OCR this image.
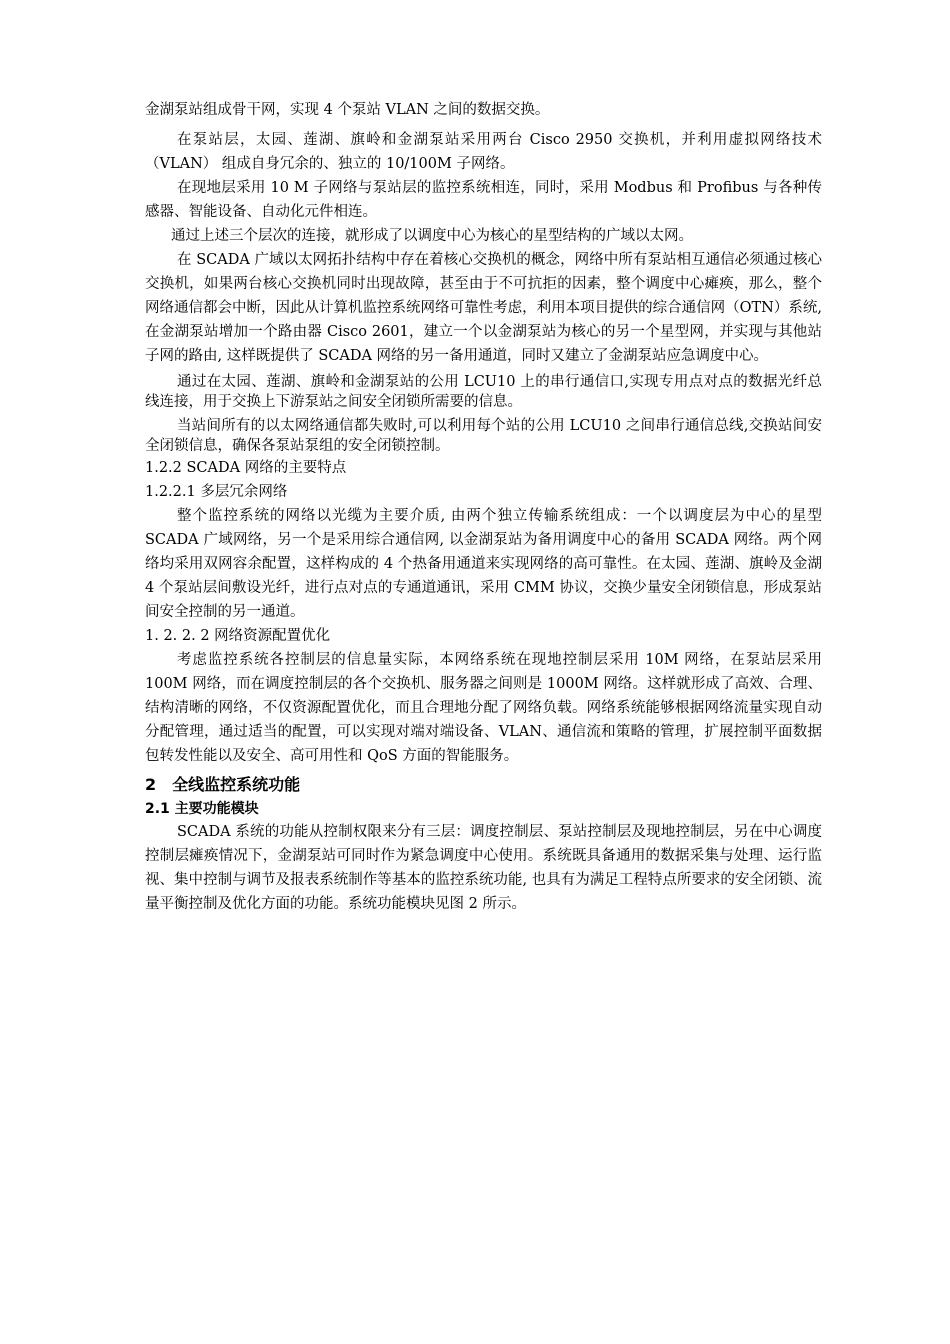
金湖泵站组成骨干网，实现 4 个泵站 VLAN 之间的数据交换。

在泵站层，太园、莲湖、旗岭和金湖泵站采用两台 Cisco 2950 交换机，并利用虚拟网络技术（VLAN） 组成自身冗余的、独立的 10/100M 子网络。

在现地层采用 10 M 子网络与泵站层的监控系统相连，同时，采用 Modbus 和 Profibus 与各种传感器、智能设备、自动化元件相连。

通过上述三个层次的连接，就形成了以调度中心为核心的星型结构的广域以太网。

在 SCADA 广域以太网拓扑结构中存在着核心交换机的概念，网络中所有泵站相互通信必须通过核心交换机，如果两台核心交换机同时出现故障，甚至由于不可抗拒的因素，整个调度中心瘫痪，那么，整个网络通信都会中断，因此从计算机监控系统网络可靠性考虑，利用本项目提供的综合通信网（OTN）系统, 在金湖泵站增加一个路由器 Cisco 2601，建立一个以金湖泵站为核心的另一个星型网，并实现与其他站子网的路由, 这样既提供了 SCADA 网络的另一备用通道，同时又建立了金湖泵站应急调度中心。

通过在太园、莲湖、旗岭和金湖泵站的公用 LCU10 上的串行通信口,实现专用点对点的数据光纤总线连接，用于交换上下游泵站之间安全闭锁所需要的信息。

当站间所有的以太网络通信都失败时,可以利用每个站的公用 LCU10 之间串行通信总线,交换站间安全闭锁信息，确保各泵站泵组的安全闭锁控制。

1.2.2 SCADA 网络的主要特点

1.2.2.1 多层冗余网络

整个监控系统的网络以光缆为主要介质, 由两个独立传输系统组成：一个以调度层为中心的星型 SCADA 广域网络，另一个是采用综合通信网, 以金湖泵站为备用调度中心的备用 SCADA 网络。两个网络均采用双网容余配置，这样构成的 4 个热备用通道来实现网络的高可靠性。在太园、莲湖、旗岭及金湖 4 个泵站层间敷设光纤，进行点对点的专通道通讯，采用 CMM 协议，交换少量安全闭锁信息，形成泵站间安全控制的另一通道。

1. 2. 2. 2 网络资源配置优化

考虑监控系统各控制层的信息量实际，本网络系统在现地控制层采用 10M 网络，在泵站层采用 100M 网络，而在调度控制层的各个交换机、服务器之间则是 1000M 网络。这样就形成了高效、合理、结构清晰的网络，不仅资源配置优化，而且合理地分配了网络负载。网络系统能够根据网络流量实现自动分配管理，通过适当的配置，可以实现对端对端设备、VLAN、通信流和策略的管理，扩展控制平面数据包转发性能以及安全、高可用性和 QoS 方面的智能服务。

2　全线监控系统功能

2.1 主要功能模块

SCADA 系统的功能从控制权限来分有三层：调度控制层、泵站控制层及现地控制层，另在中心调度控制层瘫痪情况下，金湖泵站可同时作为紧急调度中心使用。系统既具备通用的数据采集与处理、运行监视、集中控制与调节及报表系统制作等基本的监控系统功能, 也具有为满足工程特点所要求的安全闭锁、流量平衡控制及优化方面的功能。系统功能模块见图 2 所示。
